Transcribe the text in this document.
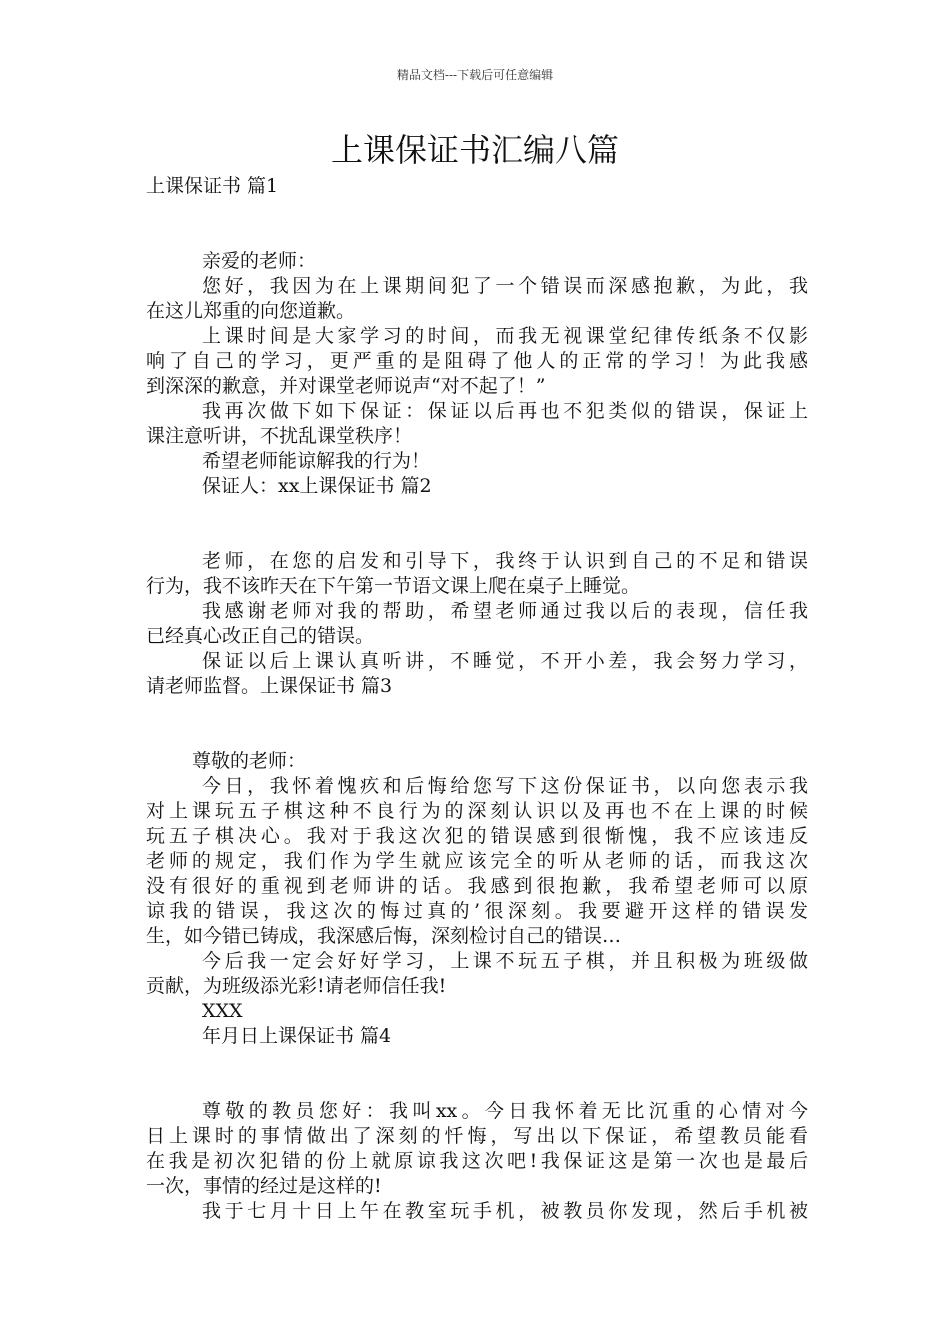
精品文档---下载后可任意编辑
上课保证书汇编八篇
上课保证书 篇1
亲爱的老师：
您好，我因为在上课期间犯了一个错误而深感抱歉，为此，我
在这儿郑重的向您道歉。
上课时间是大家学习的时间，而我无视课堂纪律传纸条不仅影
响了自己的学习，更严重的是阻碍了他人的正常的学习！为此我感
到深深的歉意，并对课堂老师说声“对不起了！”
我再次做下如下保证：保证以后再也不犯类似的错误，保证上
课注意听讲，不扰乱课堂秩序！
希望老师能谅解我的行为！
保证人：xx上课保证书 篇2
老师，在您的启发和引导下，我终于认识到自己的不足和错误
行为，我不该昨天在下午第一节语文课上爬在桌子上睡觉。
我感谢老师对我的帮助，希望老师通过我以后的表现，信任我
已经真心改正自己的错误。
保证以后上课认真听讲，不睡觉，不开小差，我会努力学习，
请老师监督。上课保证书 篇3
尊敬的老师：
今日，我怀着愧疚和后悔给您写下这份保证书，以向您表示我
对上课玩五子棋这种不良行为的深刻认识以及再也不在上课的时候
玩五子棋决心。我对于我这次犯的错误感到很惭愧，我不应该违反
老师的规定，我们作为学生就应该完全的听从老师的话，而我这次
没有很好的重视到老师讲的话。我感到很抱歉，我希望老师可以原
谅我的错误，我这次的悔过真的’很深刻。我要避开这样的错误发
生，如今错已铸成，我深感后悔，深刻检讨自己的错误…
今后我一定会好好学习，上课不玩五子棋，并且积极为班级做
贡献，为班级添光彩!请老师信任我!
XXX
年月日上课保证书 篇4
尊敬的教员您好：我叫xx。今日我怀着无比沉重的心情对今
日上课时的事情做出了深刻的忏悔，写出以下保证，希望教员能看
在我是初次犯错的份上就原谅我这次吧!我保证这是第一次也是最后
一次，事情的经过是这样的!
我于七月十日上午在教室玩手机，被教员你发现，然后手机被
